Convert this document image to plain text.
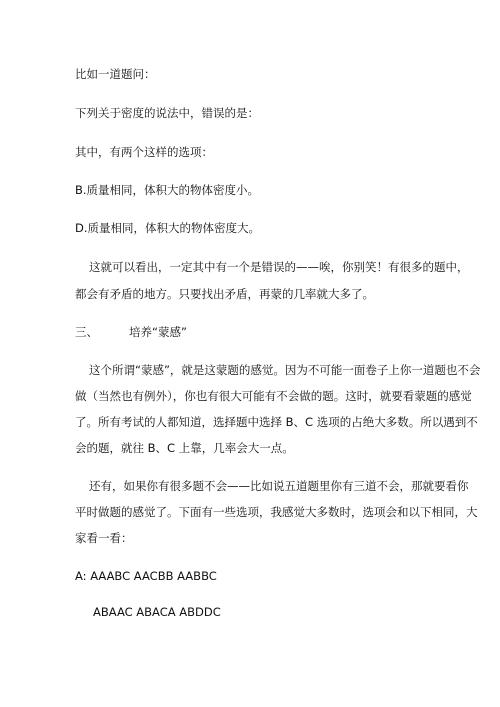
比如一道题问：
下列关于密度的说法中，错误的是：
其中，有两个这样的选项：
B.质量相同，体积大的物体密度小。
D.质量相同，体积大的物体密度大。
这就可以看出，一定其中有一个是错误的——唉，你别笑！有很多的题中，
都会有矛盾的地方。只要找出矛盾，再蒙的几率就大多了。
三、	培养“蒙感”
这个所谓“蒙感”，就是这蒙题的感觉。因为不可能一面卷子上你一道题也不会
做（当然也有例外），你也有很大可能有不会做的题。这时，就要看蒙题的感觉
了。所有考试的人都知道，选择题中选择 B、C 选项的占绝大多数。所以遇到不
会的题，就往 B、C 上靠，几率会大一点。
还有，如果你有很多题不会——比如说五道题里你有三道不会，那就要看你
平时做题的感觉了。下面有一些选项，我感觉大多数时，选项会和以下相同，大
家看一看：
A: AAABC AACBB AABBC
ABAAC ABACA ABDDC
